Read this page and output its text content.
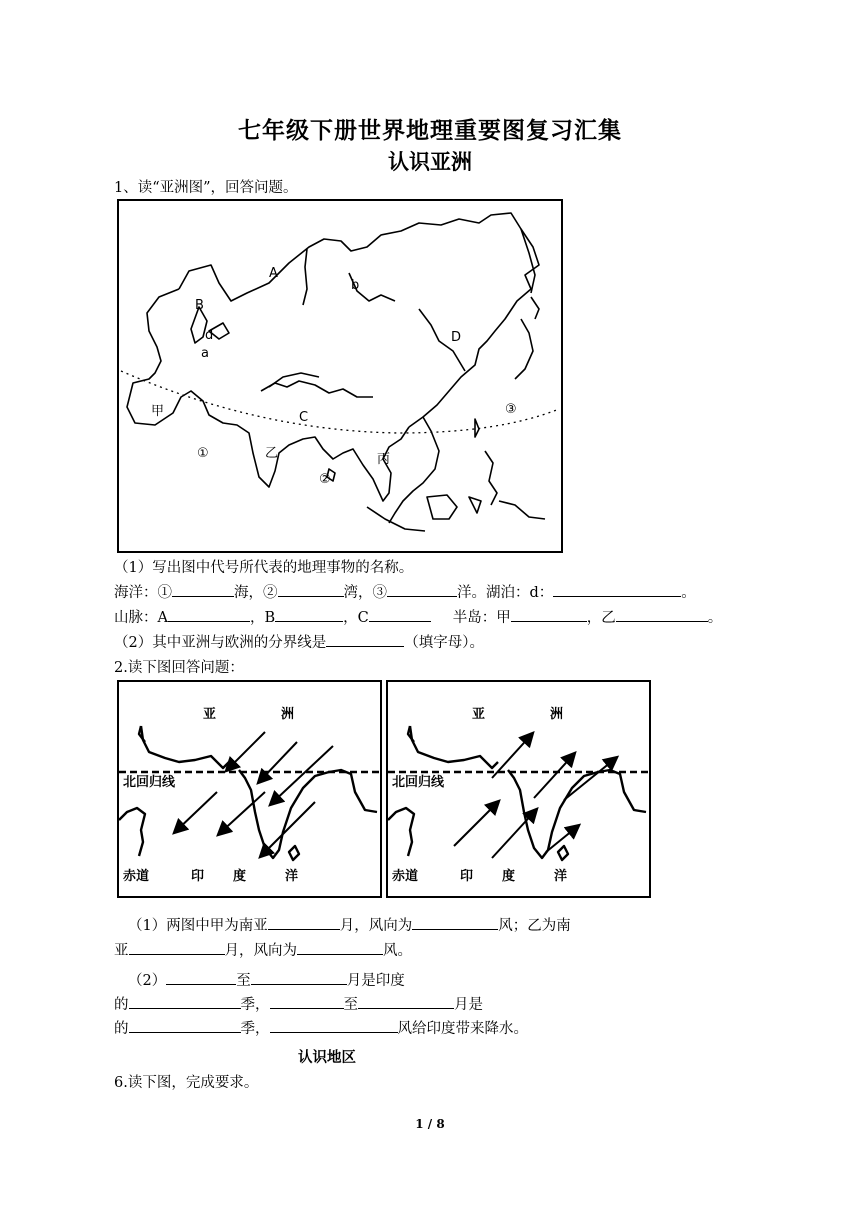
七年级下册世界地理重要图复习汇集
认识亚洲
1、读“亚洲图”，回答问题。
A
B
C
D
a
b
d
甲
乙	丙
①
②
③
（1）写出图中代号所代表的地理事物的名称。
海洋：①	海，②	湾，③	洋。湖泊：d：	。
山脉：A	，B	，C	半岛：甲	，乙	。
（2）其中亚洲与欧洲的分界线是	（填字母）。
2.读下图回答问题：
亚	洲
北回归线
赤道	印 度	洋
亚	洲
北回归线
赤道	印 度	洋
（1）两图中甲为南亚	月，风向为	风；乙为南
亚	月，风向为	风。
（2）	至	月是印度
的	季，	至	月是
的	季，	风给印度带来降水。
认识地区
6.读下图，完成要求。
1 / 8
